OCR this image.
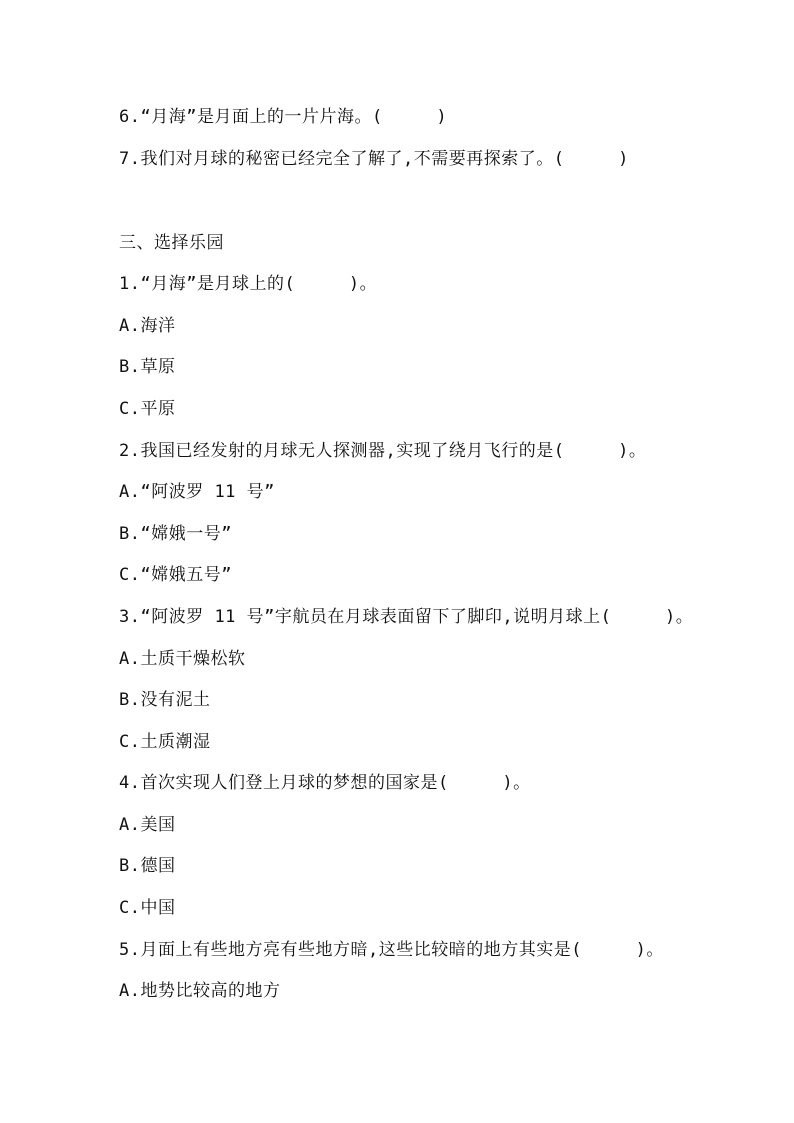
6.“月海”是月面上的一片片海。(     )
7.我们对月球的秘密已经完全了解了,不需要再探索了。(     )
三、选择乐园
1.“月海”是月球上的(     )。
A.海洋
B.草原
C.平原
2.我国已经发射的月球无人探测器,实现了绕月飞行的是(     )。
A.“阿波罗 11 号”
B.“嫦娥一号”
C.“嫦娥五号”
3.“阿波罗 11 号”宇航员在月球表面留下了脚印,说明月球上(     )。
A.土质干燥松软
B.没有泥土
C.土质潮湿
4.首次实现人们登上月球的梦想的国家是(     )。
A.美国
B.德国
C.中国
5.月面上有些地方亮有些地方暗,这些比较暗的地方其实是(     )。
A.地势比较高的地方
